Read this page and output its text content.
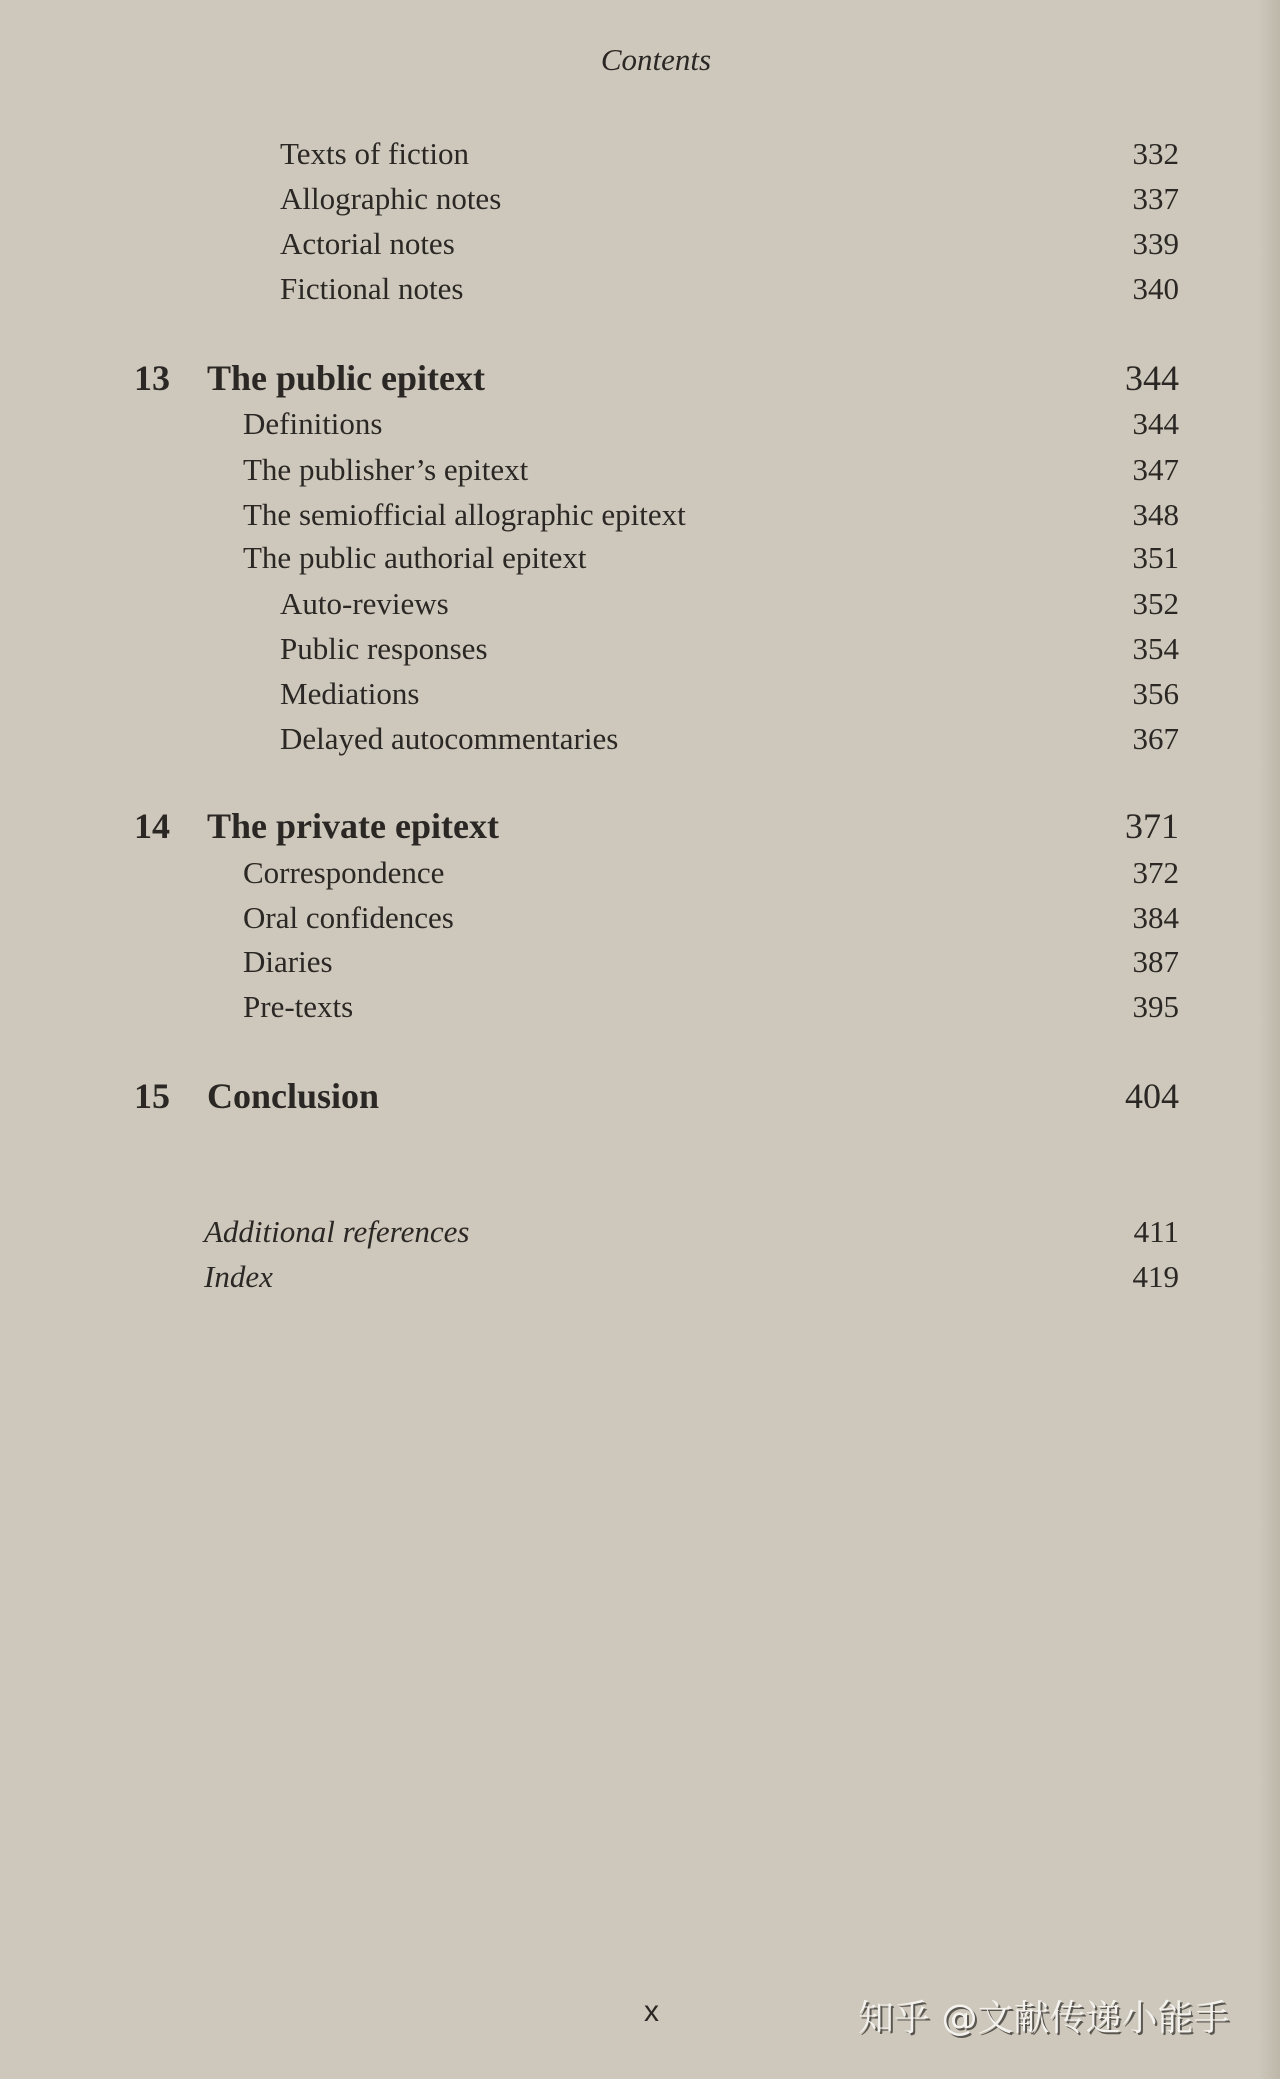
Contents
Texts of fiction	332
Allographic notes	337
Actorial notes	339
Fictional notes	340
13 The public epitext	344
Definitions	344
The publisher’s epitext	347
The semiofficial allographic epitext	348
The public authorial epitext	351
Auto-reviews	352
Public responses	354
Mediations	356
Delayed autocommentaries	367
14 The private epitext	371
Correspondence	372
Oral confidences	384
Diaries	387
Pre-texts	395
15 Conclusion	404
Additional references	411
Index	419
x	知乎 @文献传递小能手
